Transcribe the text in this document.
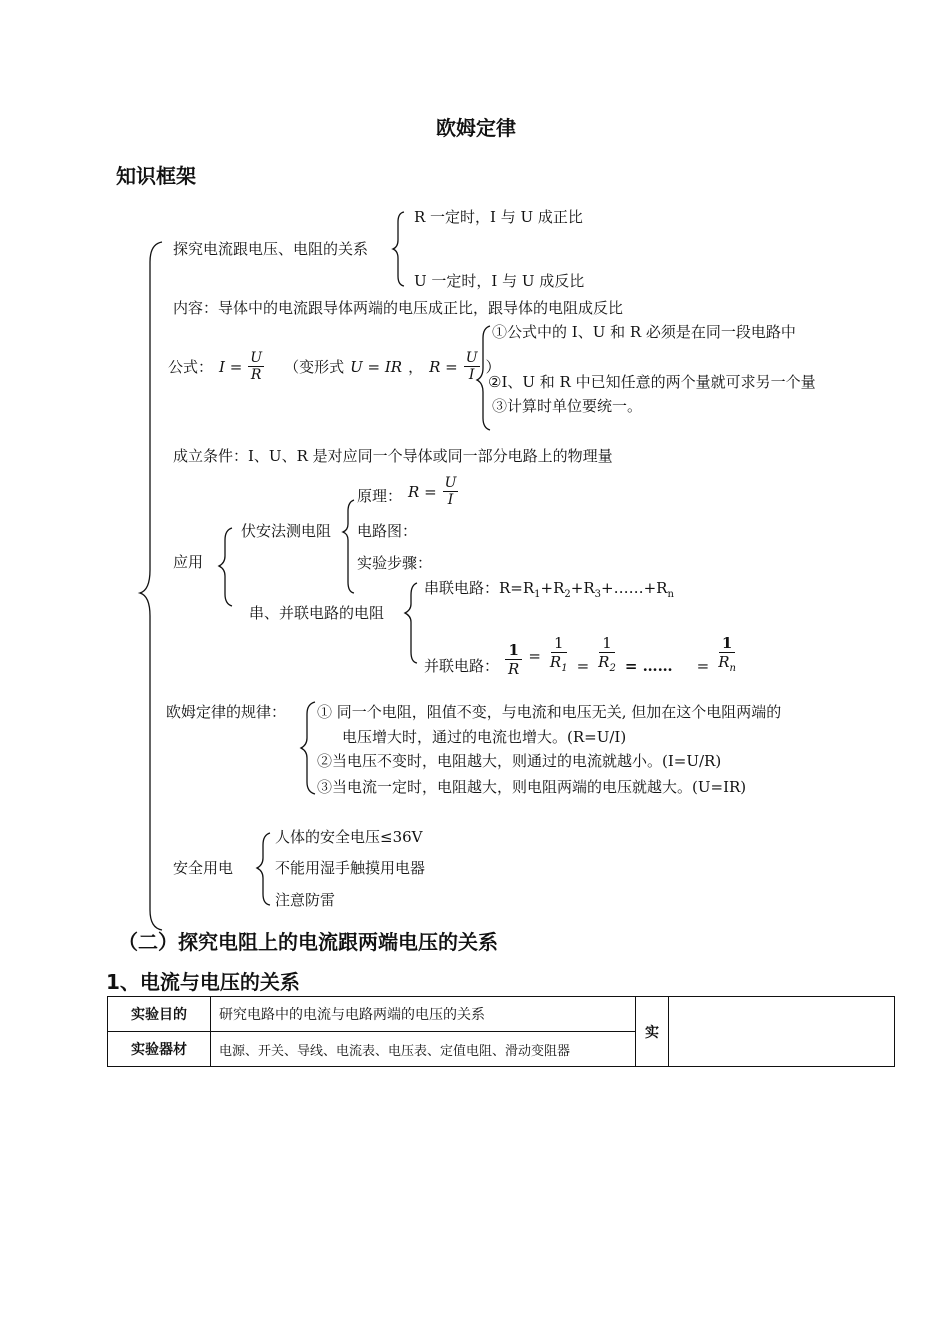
欧姆定律
知识框架
探究电流跟电压、电阻的关系
R 一定时，I 与 U 成正比
U 一定时，I 与 U 成反比
内容：导体中的电流跟导体两端的电压成正比，跟导体的电阻成反比
公式： $I = \frac{U}{R}$ （变形式 U = IR ， $R = \frac{U}{I}$ ）
①公式中的 I、U 和 R 必须是在同一段电路中
②I、U 和 R 中已知任意的两个量就可求另一个量
③计算时单位要统一。
成立条件：I、U、R 是对应同一个导体或同一部分电路上的物理量
应用
伏安法测电阻
原理： $R = \frac{U}{I}$
电路图：
实验步骤：
串、并联电路的电阻
串联电路：$R=R_1+R_2+R_3+\dots\dots+R_n$
并联电路： $\frac{1}{R} = \frac{1}{R_1} = \frac{1}{R_2}$ = …… = $\frac{1}{R_n}$
欧姆定律的规律： ① 同一个电阻，阻值不变，与电流和电压无关, 但加在这个电阻两端的
电压增大时，通过的电流也增大。(R=U/I)
②当电压不变时，电阻越大，则通过的电流就越小。(I=U/R)
③当电流一定时，电阻越大，则电阻两端的电压就越大。(U=IR)
安全用电
人体的安全电压≤36V
不能用湿手触摸用电器
注意防雷
（二）探究电阻上的电流跟两端电压的关系
1、电流与电压的关系
实验目的	研究电路中的电流与电路两端的电压的关系	实	
实验器材	电源、开关、导线、电流表、电压表、定值电阻、滑动变阻器		
